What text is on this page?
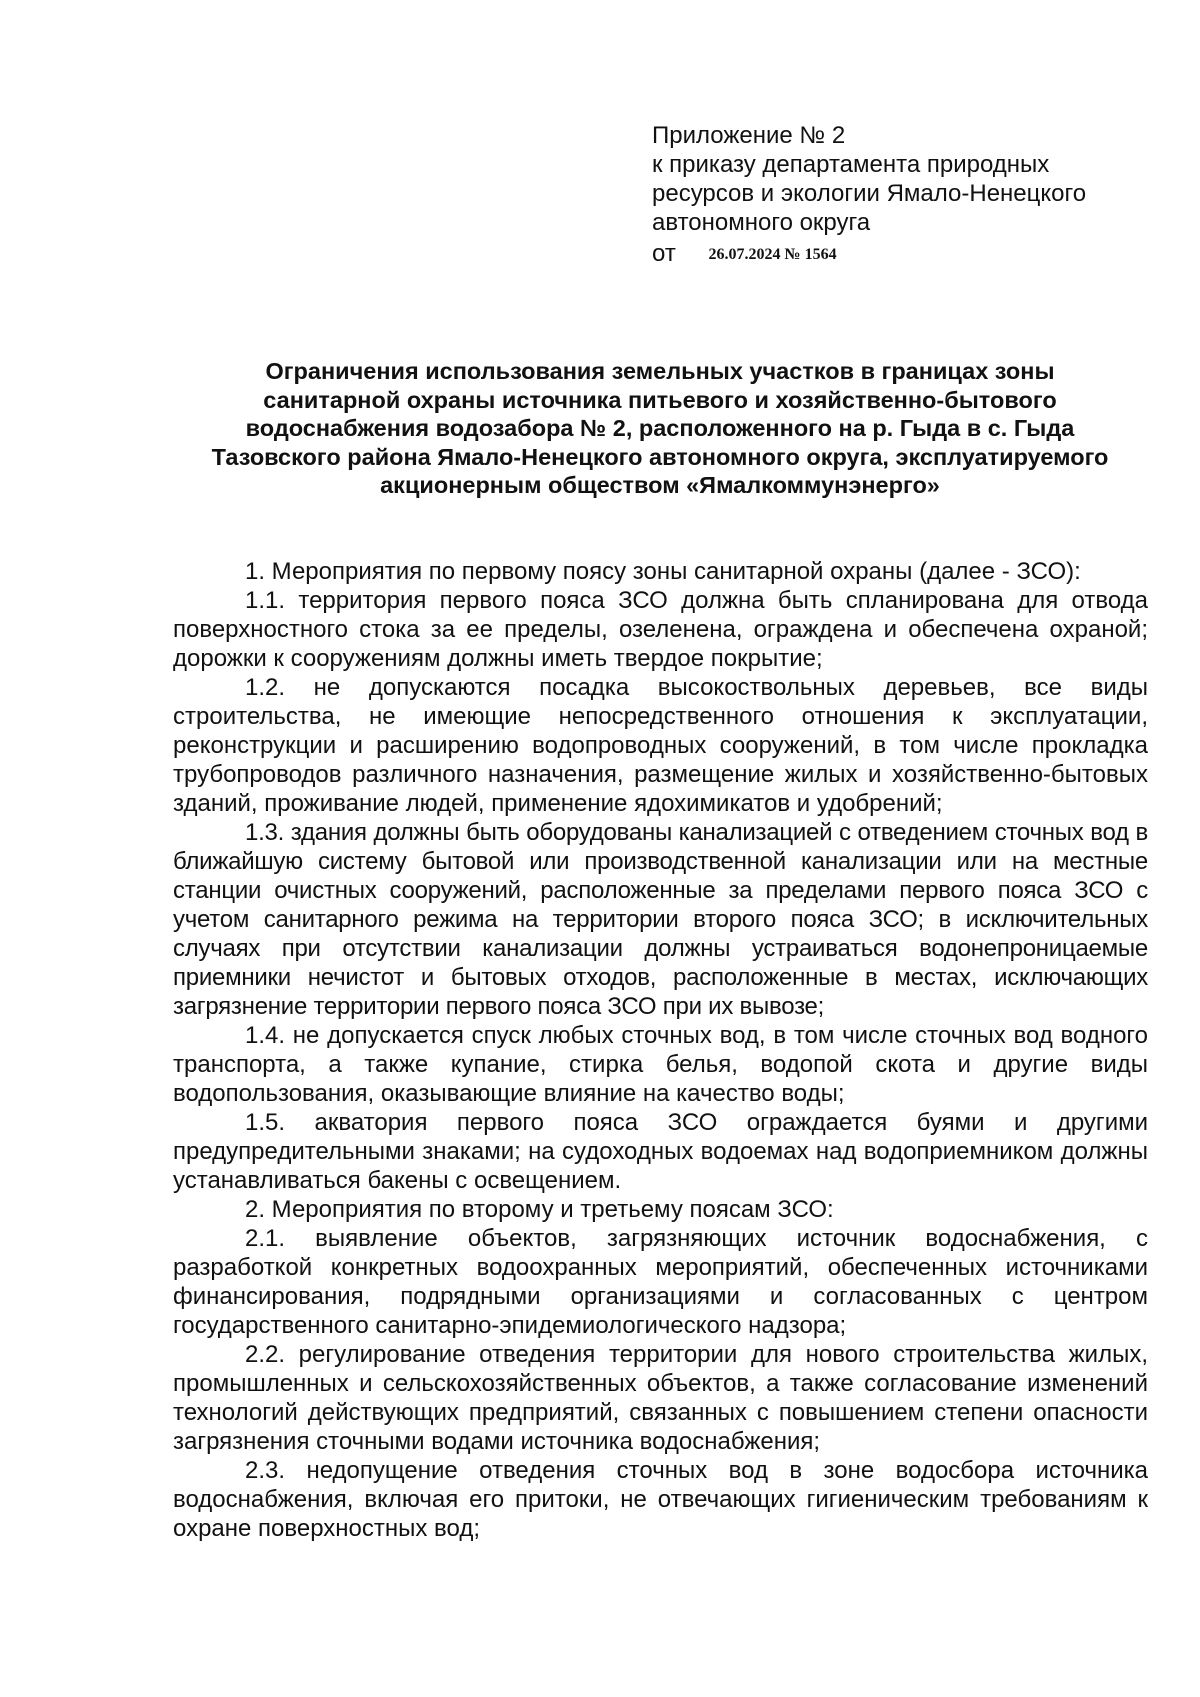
Приложение № 2
к приказу департамента природных
ресурсов и экологии Ямало-Ненецкого
автономного округа
от 26.07.2024 № 1564
Ограничения использования земельных участков в границах зоны
санитарной охраны источника питьевого и хозяйственно-бытового
водоснабжения водозабора № 2, расположенного на р. Гыда в с. Гыда
Тазовского района Ямало-Ненецкого автономного округа, эксплуатируемого
акционерным обществом «Ямалкоммунэнерго»

1. Мероприятия по первому поясу зоны санитарной охраны (далее - ЗСО):

1.1. территория первого пояса ЗСО должна быть спланирована для отвода поверхностного стока за ее пределы, озеленена, ограждена и обеспечена охраной; дорожки к сооружениям должны иметь твердое покрытие;

1.2. не допускаются посадка высокоствольных деревьев, все виды строительства, не имеющие непосредственного отношения к эксплуатации, реконструкции и расширению водопроводных сооружений, в том числе прокладка трубопроводов различного назначения, размещение жилых и хозяйственно-бытовых зданий, проживание людей, применение ядохимикатов и удобрений;

1.3. здания должны быть оборудованы канализацией с отведением сточных вод в ближайшую систему бытовой или производственной канализации или на местные станции очистных сооружений, расположенные за пределами первого пояса ЗСО с учетом санитарного режима на территории второго пояса ЗСО; в исключительных случаях при отсутствии канализации должны устраиваться водонепроницаемые приемники нечистот и бытовых отходов, расположенные в местах, исключающих загрязнение территории первого пояса ЗСО при их вывозе;

1.4. не допускается спуск любых сточных вод, в том числе сточных вод водного транспорта, а также купание, стирка белья, водопой скота и другие виды водопользования, оказывающие влияние на качество воды;

1.5. акватория первого пояса ЗСО ограждается буями и другими предупредительными знаками; на судоходных водоемах над водоприемником должны устанавливаться бакены с освещением.

2. Мероприятия по второму и третьему поясам ЗСО:

2.1. выявление объектов, загрязняющих источник водоснабжения, с разработкой конкретных водоохранных мероприятий, обеспеченных источниками финансирования, подрядными организациями и согласованных с центром государственного санитарно-эпидемиологического надзора;

2.2. регулирование отведения территории для нового строительства жилых, промышленных и сельскохозяйственных объектов, а также согласование изменений технологий действующих предприятий, связанных с повышением степени опасности загрязнения сточными водами источника водоснабжения;

2.3. недопущение отведения сточных вод в зоне водосбора источника водоснабжения, включая его притоки, не отвечающих гигиеническим требованиям к охране поверхностных вод;
